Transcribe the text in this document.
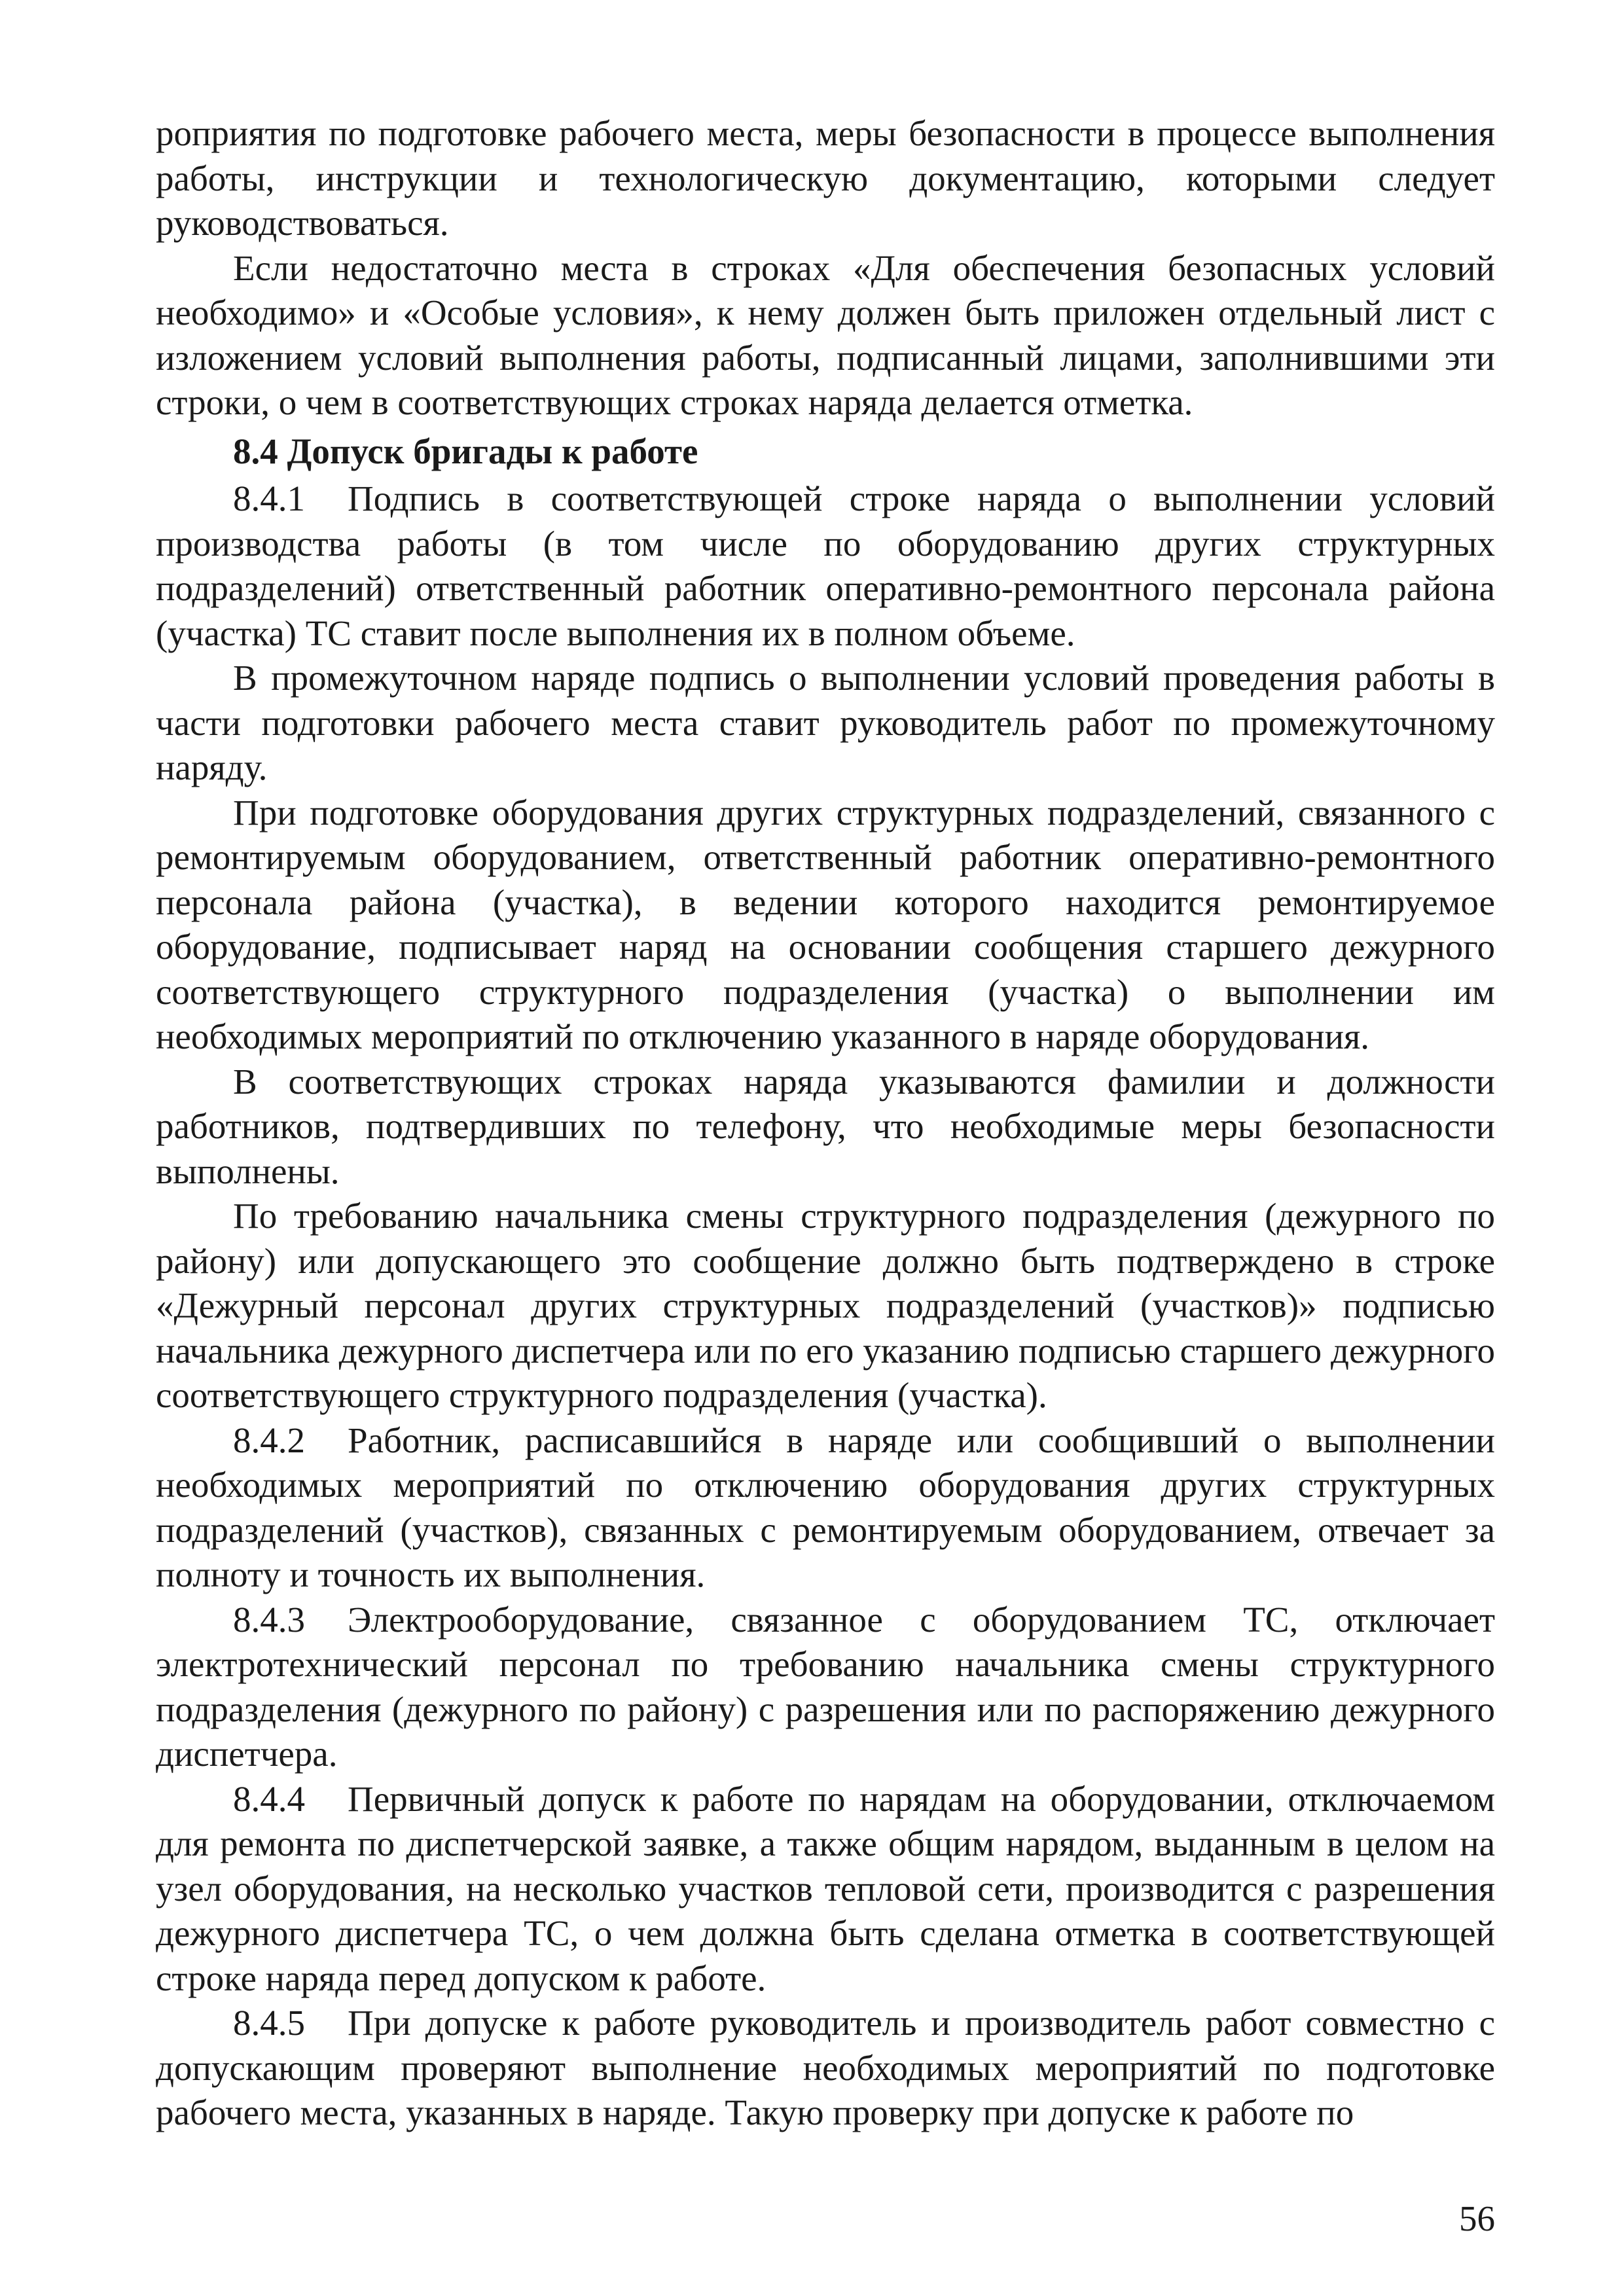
роприятия по подготовке рабочего места, меры безопасности в процессе выполнения работы, инструкции и технологическую документацию, которыми следует руководствоваться.

Если недостаточно места в строках «Для обеспечения безопасных условий необходимо» и «Особые условия», к нему должен быть приложен отдельный лист с изложением условий выполнения работы, подписанный лицами, заполнившими эти строки, о чем в соответствующих строках наряда делается отметка.

8.4 Допуск бригады к работе

8.4.1 Подпись в соответствующей строке наряда о выполнении условий производства работы (в том числе по оборудованию других структурных подразделений) ответственный работник оперативно-ремонтного персонала района (участка) ТС ставит после выполнения их в полном объеме.

В промежуточном наряде подпись о выполнении условий проведения работы в части подготовки рабочего места ставит руководитель работ по промежуточному наряду.

При подготовке оборудования других структурных подразделений, связанного с ремонтируемым оборудованием, ответственный работник оперативно-ремонтного персонала района (участка), в ведении которого находится ремонтируемое оборудование, подписывает наряд на основании сообщения старшего дежурного соответствующего структурного подразделения (участка) о выполнении им необходимых мероприятий по отключению указанного в наряде оборудования.

В соответствующих строках наряда указываются фамилии и должности работников, подтвердивших по телефону, что необходимые меры безопасности выполнены.

По требованию начальника смены структурного подразделения (дежурного по району) или допускающего это сообщение должно быть подтверждено в строке «Дежурный персонал других структурных подразделений (участков)» подписью начальника дежурного диспетчера или по его указанию подписью старшего дежурного соответствующего структурного подразделения (участка).

8.4.2 Работник, расписавшийся в наряде или сообщивший о выполнении необходимых мероприятий по отключению оборудования других структурных подразделений (участков), связанных с ремонтируемым оборудованием, отвечает за полноту и точность их выполнения.

8.4.3 Электрооборудование, связанное с оборудованием ТС, отключает электротехнический персонал по требованию начальника смены структурного подразделения (дежурного по району) с разрешения или по распоряжению дежурного диспетчера.

8.4.4 Первичный допуск к работе по нарядам на оборудовании, отключаемом для ремонта по диспетчерской заявке, а также общим нарядом, выданным в целом на узел оборудования, на несколько участков тепловой сети, производится с разрешения дежурного диспетчера ТС, о чем должна быть сделана отметка в соответствующей строке наряда перед допуском к работе.

8.4.5 При допуске к работе руководитель и производитель работ совместно с допускающим проверяют выполнение необходимых мероприятий по подготовке рабочего места, указанных в наряде. Такую проверку при допуске к работе по

56
